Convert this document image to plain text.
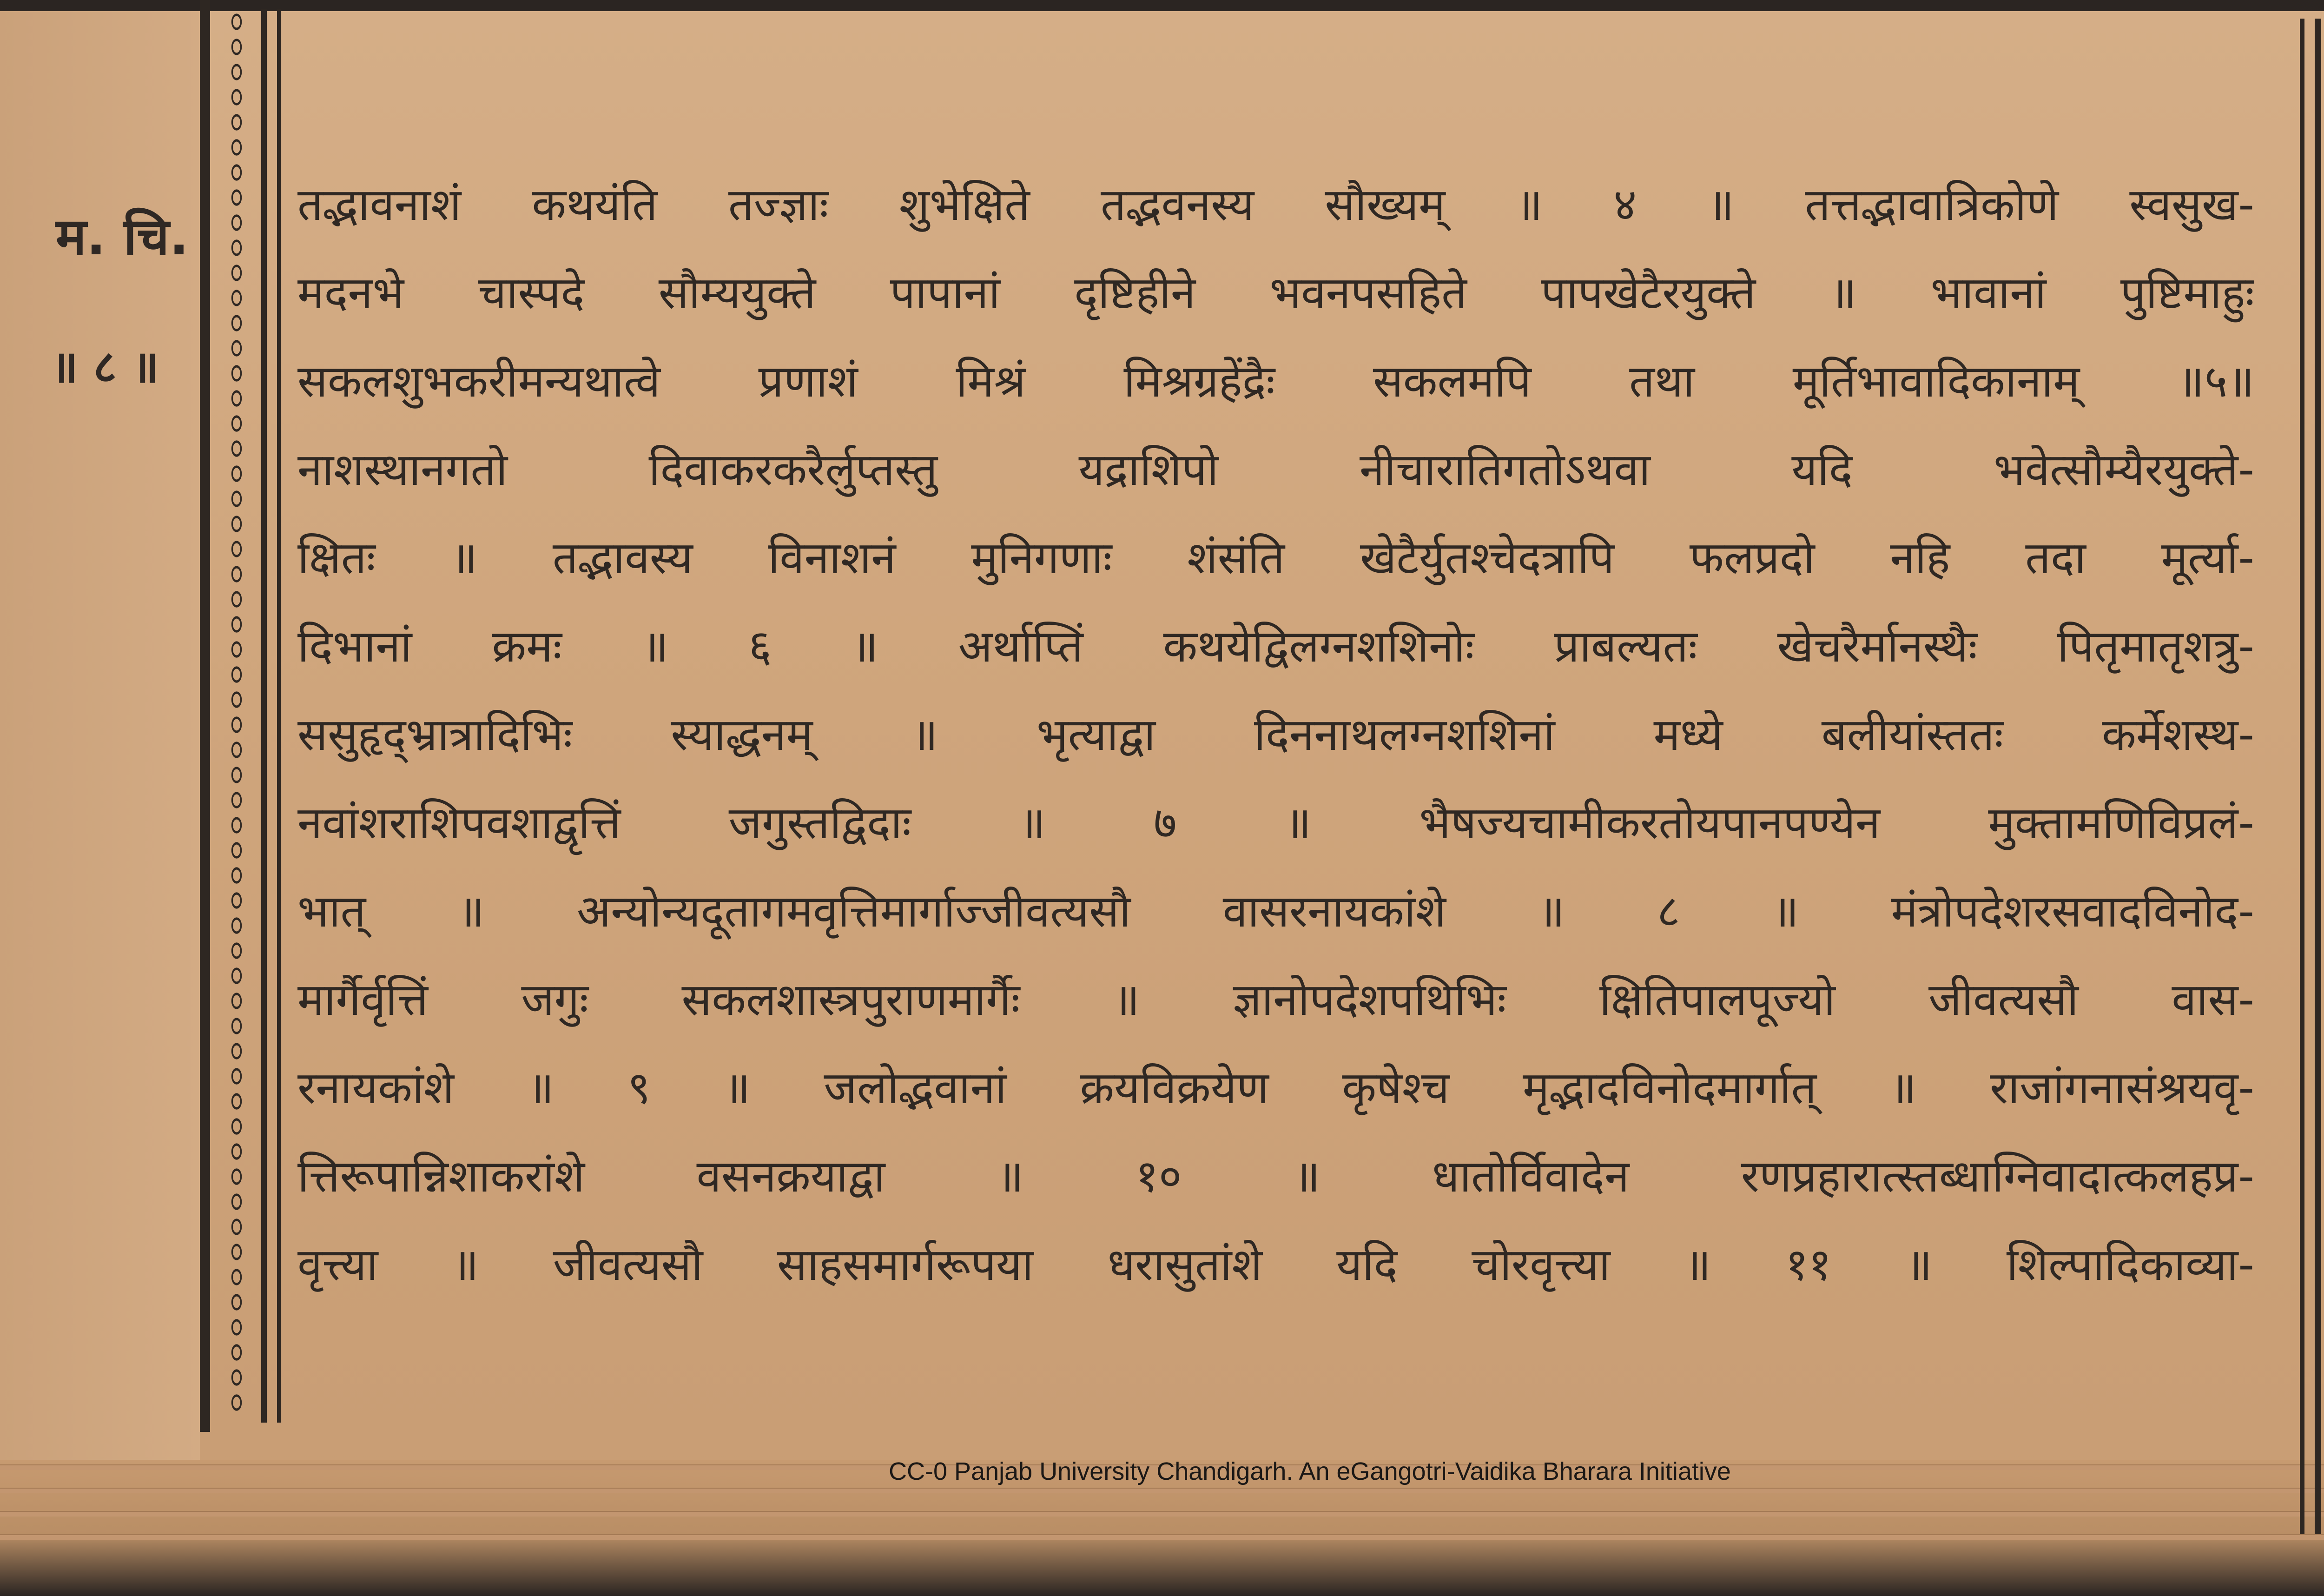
म. चि.
॥ ८ ॥
तद्भावनाशं कथयंति तज्ज्ञाः शुभेक्षिते तद्भवनस्य सौख्यम् ॥ ४ ॥ तत्तद्भावात्रिकोणे स्वसुख-
मदनभे चास्पदे सौम्ययुक्ते पापानां दृष्टिहीने भवनपसहिते पापखेटैरयुक्ते ॥ भावानां पुष्टिमाहुः
सकलशुभकरीमन्यथात्वे प्रणाशं मिश्रं मिश्रग्रहेंद्रैः सकलमपि तथा मूर्तिभावादिकानाम् ॥५॥
नाशस्थानगतो दिवाकरकरैर्लुप्तस्तु यद्राशिपो नीचारातिगतोऽथवा यदि भवेत्सौम्यैरयुक्ते-
क्षितः ॥ तद्भावस्य विनाशनं मुनिगणाः शंसंति खेटैर्युतश्चेदत्रापि फलप्रदो नहि तदा मूर्त्या-
दिभानां क्रमः ॥ ६ ॥ अर्थाप्तिं कथयेद्विलग्नशशिनोः प्राबल्यतः खेचरैर्मानस्थैः पितृमातृशत्रु-
ससुहृद्भ्रात्रादिभिः स्याद्धनम् ॥ भृत्याद्वा दिननाथलग्नशशिनां मध्ये बलीयांस्ततः कर्मेशस्थ-
नवांशराशिपवशाद्वृत्तिं जगुस्तद्विदाः ॥ ७ ॥ भैषज्यचामीकरतोयपानपण्येन मुक्तामणिविप्रलं-
भात् ॥ अन्योन्यदूतागमवृत्तिमार्गाज्जीवत्यसौ वासरनायकांशे ॥ ८ ॥ मंत्रोपदेशरसवादविनोद-
मार्गैर्वृत्तिं जगुः सकलशास्त्रपुराणमार्गैः ॥ ज्ञानोपदेशपथिभिः क्षितिपालपूज्यो जीवत्यसौ वास-
रनायकांशे ॥ ९ ॥ जलोद्भवानां क्रयविक्रयेण कृषेश्च मृद्भादविनोदमार्गात् ॥ राजांगनासंश्रयवृ-
त्तिरूपान्निशाकरांशे वसनक्रयाद्वा ॥ १० ॥ धातोर्विवादेन रणप्रहारात्स्तब्धाग्निवादात्कलहप्र-
वृत्त्या ॥ जीवत्यसौ साहसमार्गरूपया धरासुतांशे यदि चोरवृत्त्या ॥ ११ ॥ शिल्पादिकाव्या-
CC-0 Panjab University Chandigarh. An eGangotri-Vaidika Bharara Initiative
